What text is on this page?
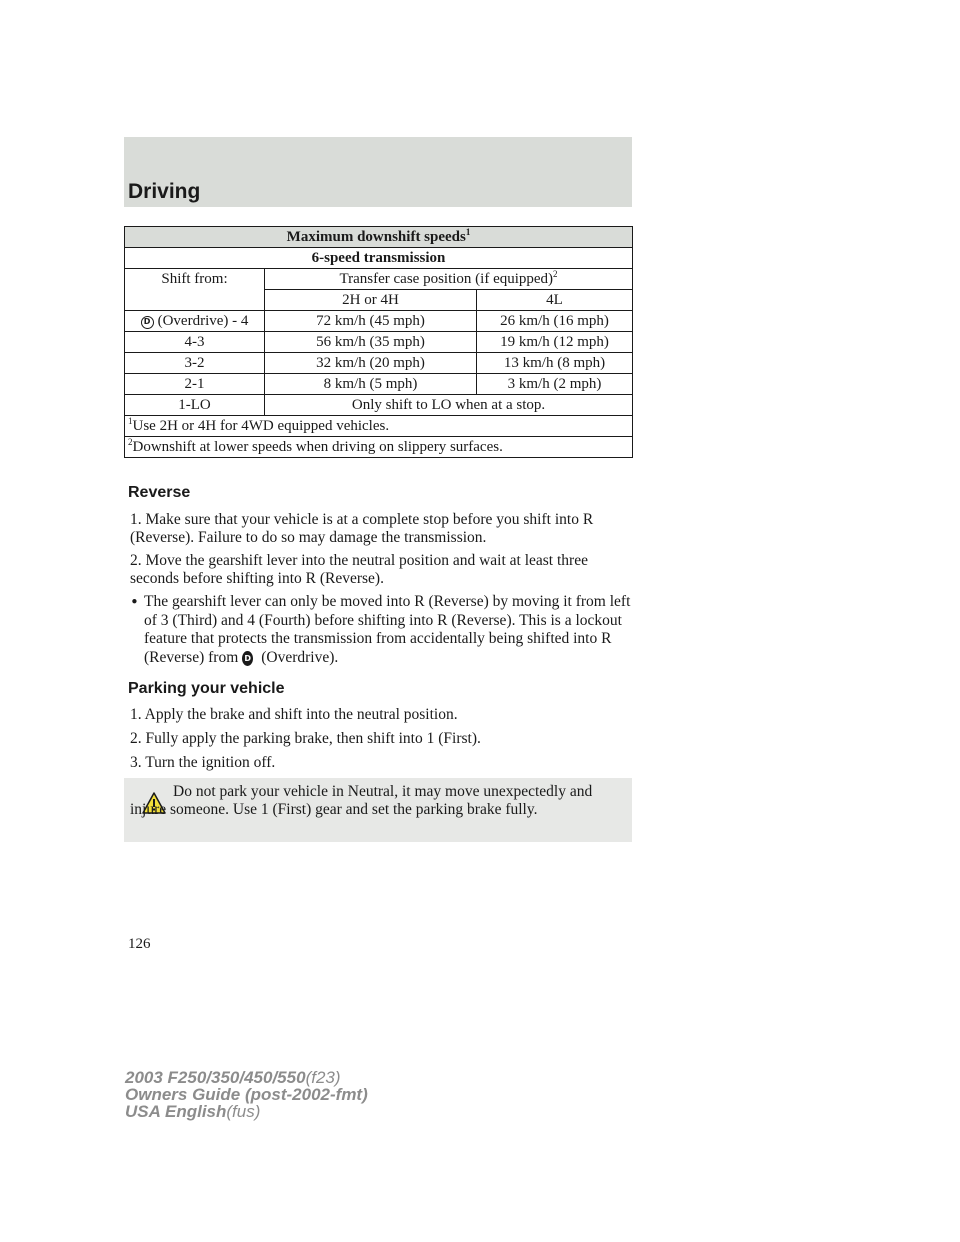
Driving
Maximum downshift speeds$^1$
6-speed transmission		
Shift from:	Transfer case position (if equipped)$^2$
	2H or 4H	4L
D (Overdrive) - 4	72 km/h (45 mph)	26 km/h (16 mph)
4-3	56 km/h (35 mph)	19 km/h (12 mph)
3-2	32 km/h (20 mph)	13 km/h (8 mph)
2-1	8 km/h (5 mph)	3 km/h (2 mph)
1-LO	Only shift to LO when at a stop.	
$^1$Use 2H or 4H for 4WD equipped vehicles.		
$^2$Downshift at lower speeds when driving on slippery surfaces.		
Reverse

1. Make sure that your vehicle is at a complete stop before you shift into R (Reverse). Failure to do so may damage the transmission.

2. Move the gearshift lever into the neutral position and wait at least three seconds before shifting into R (Reverse).

• The gearshift lever can only be moved into R (Reverse) by moving it from left of 3 (Third) and 4 (Fourth) before shifting into R (Reverse). This is a lockout feature that protects the transmission from accidentally being shifted into R (Reverse) from D (Overdrive).

Parking your vehicle

1. Apply the brake and shift into the neutral position.

2. Fully apply the parking brake, then shift into 1 (First).

3. Turn the ignition off.

Do not park your vehicle in Neutral, it may move unexpectedly and injure someone. Use 1 (First) gear and set the parking brake fully.

126
2003 F250/350/450/550(f23)
Owners Guide (post-2002-fmt)
USA English(fus)
